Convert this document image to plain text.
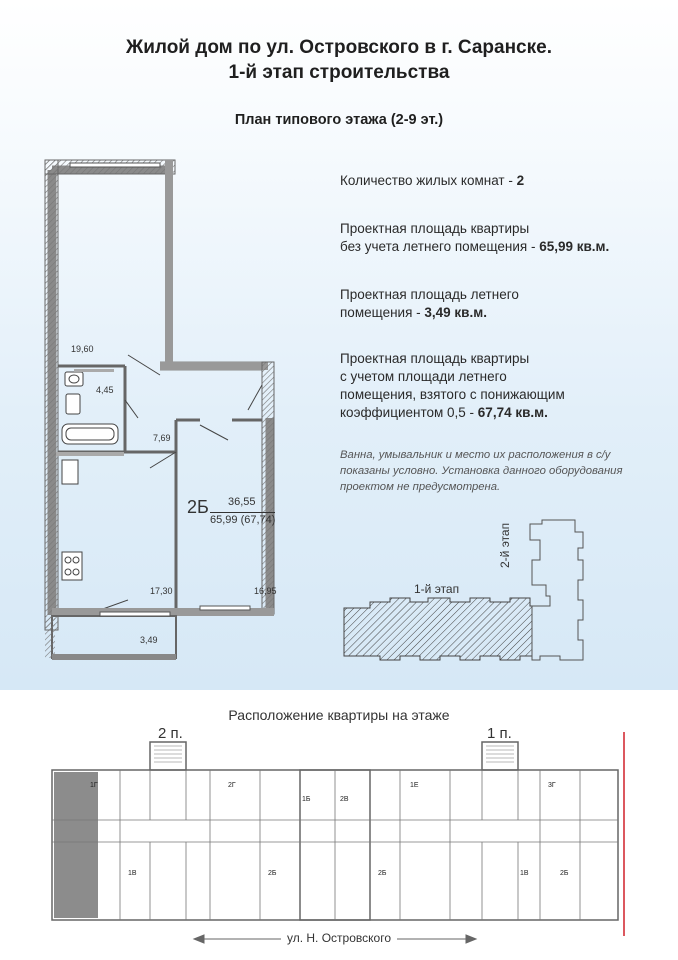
Жилой дом по ул. Островского в г. Саранске.
1-й этап строительства
План типового этажа (2-9 эт.)
Количество жилых комнат - 2
Проектная площадь квартиры
без учета летнего помещения - 65,99 кв.м.
Проектная площадь летнего
помещения - 3,49 кв.м.
Проектная площадь квартиры
с учетом площади летнего
помещения, взятого с понижающим
коэффициентом 0,5 - 67,74 кв.м.
Ванна, умывальник и место их расположения в с/у показаны условно. Установка данного оборудования проектом не предусмотрена.
19,60
4,45
7,69
17,30	16,95
3,49
2Б 36,55
65,99 (67,74)
1-й этап
2-й этап
Расположение квартиры на этаже
2 п.	1 п.
1Г	2Г
1Б	2В
1Е	3Г
1В	2Б	2Б	1В	2Б
ул. Н. Островского
